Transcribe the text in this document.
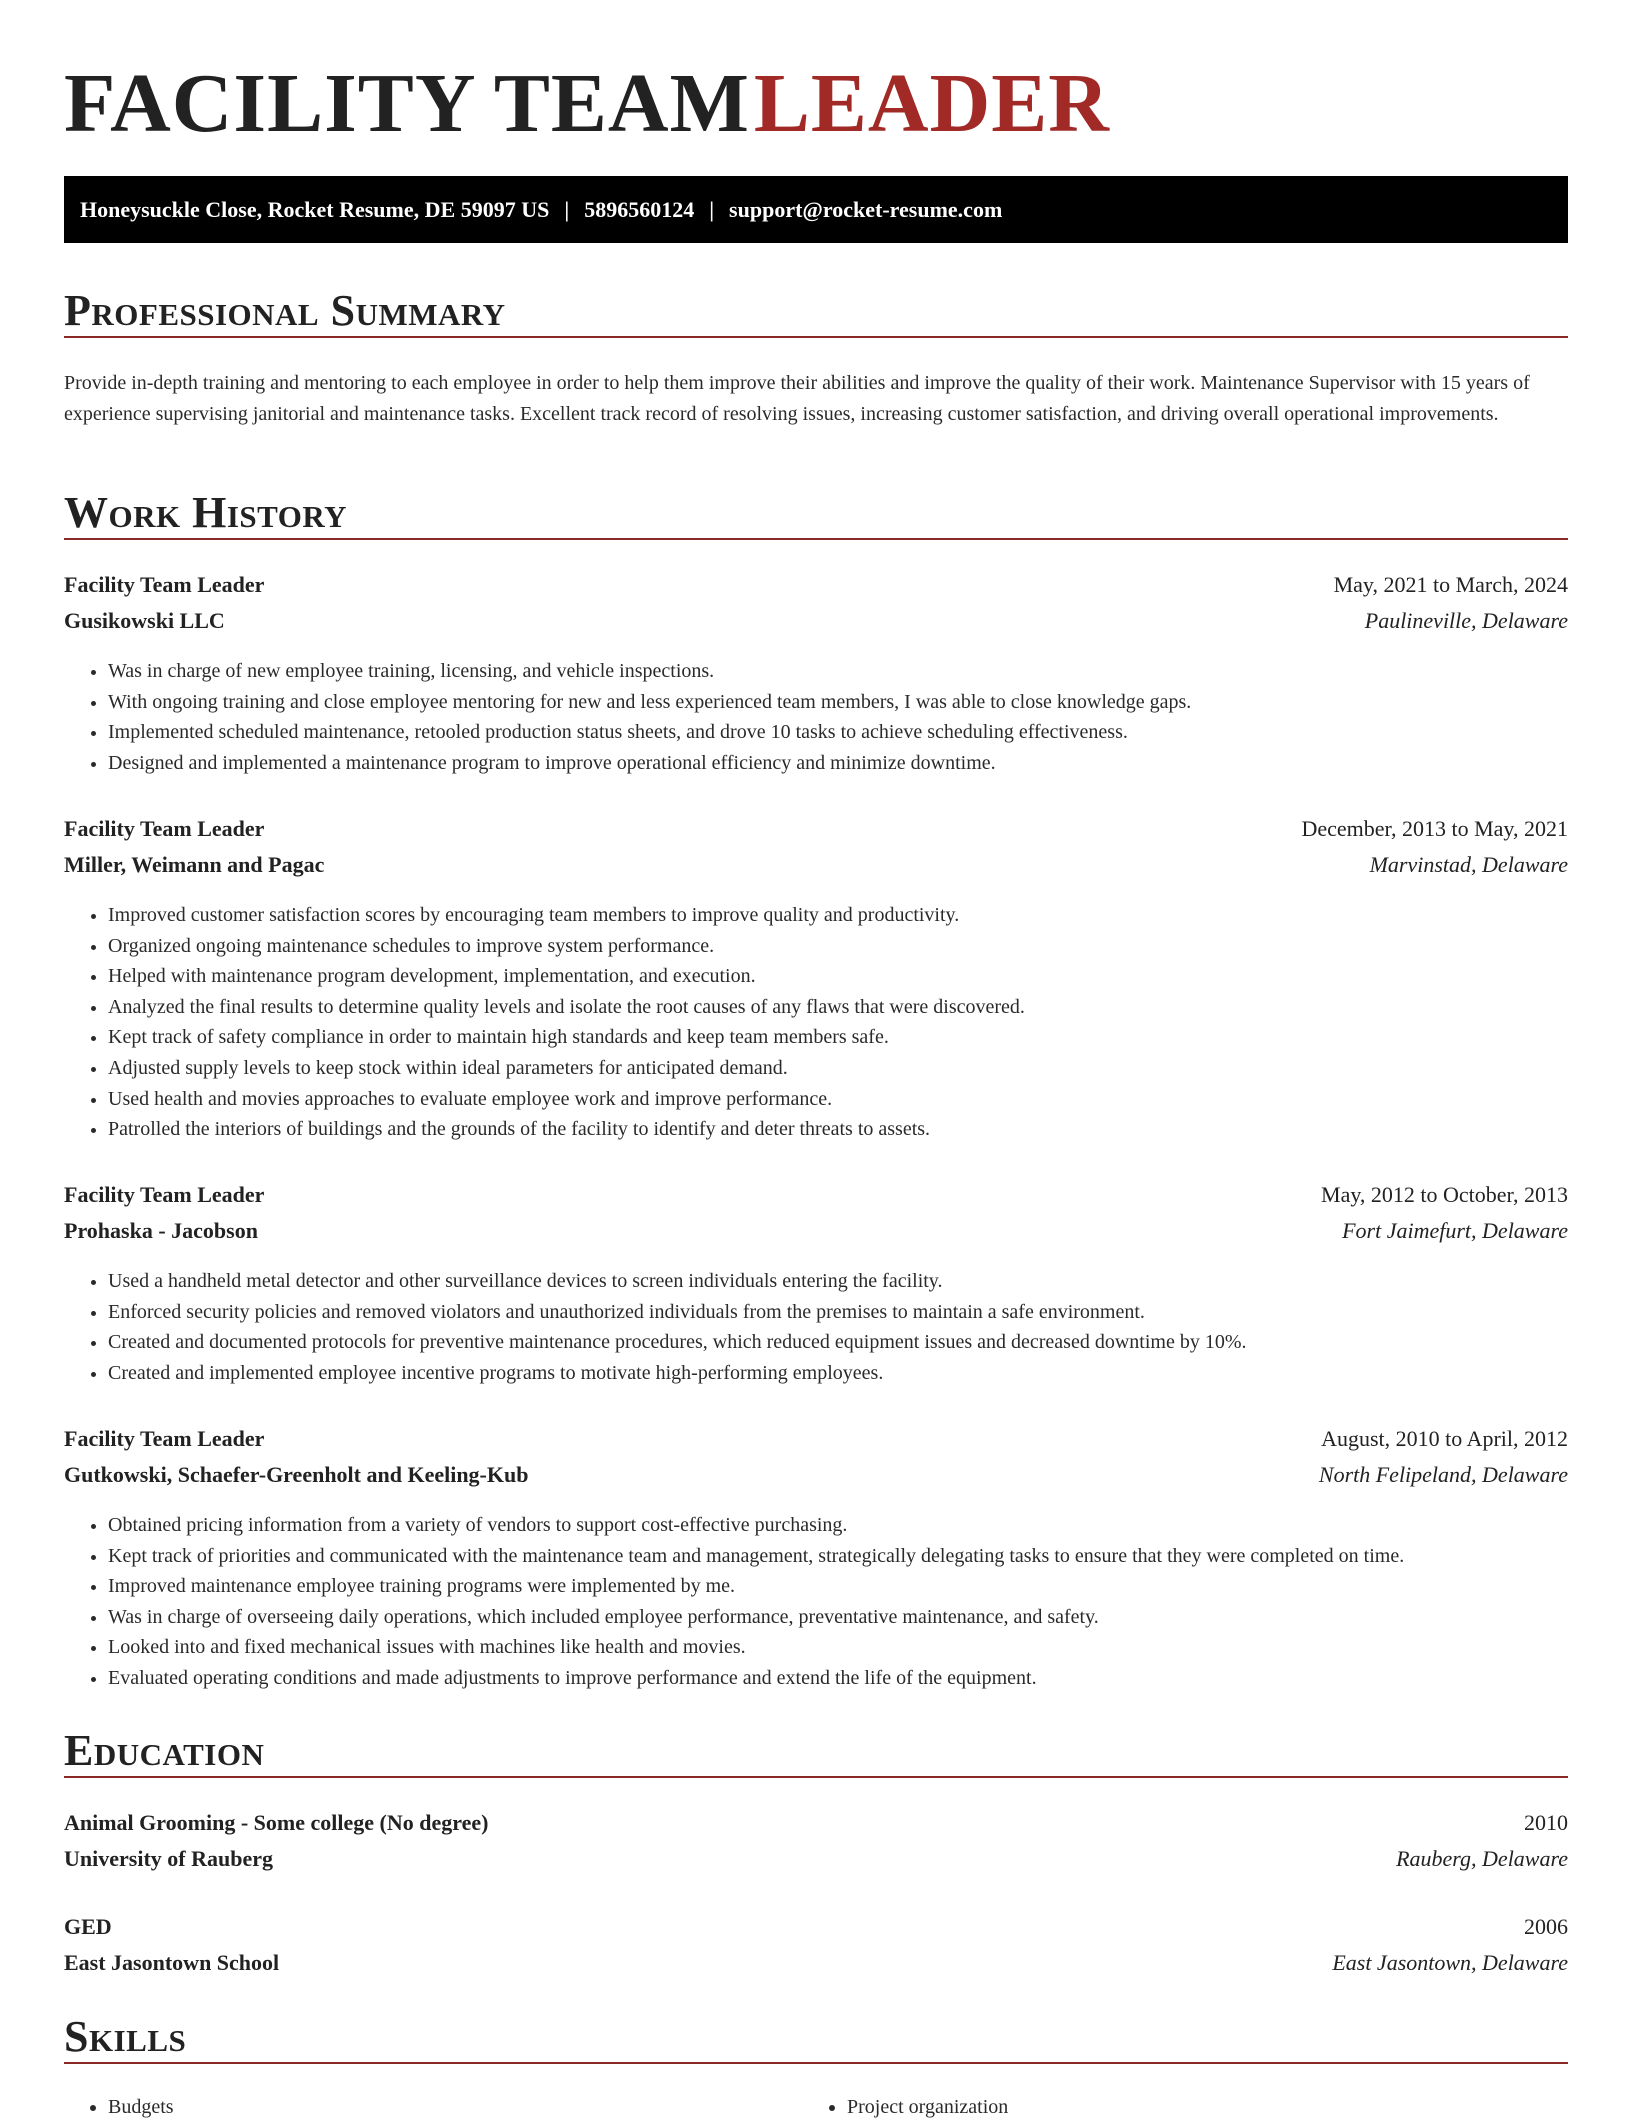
FACILITY TEAM LEADER
Honeysuckle Close, Rocket Resume, DE 59097 US | 5896560124 | support@rocket-resume.com
Professional Summary

Provide in-depth training and mentoring to each employee in order to help them improve their abilities and improve the quality of their work. Maintenance Supervisor with 15 years of experience supervising janitorial and maintenance tasks. Excellent track record of resolving issues, increasing customer satisfaction, and driving overall operational improvements.

Work History
Facility Team Leader	May, 2021 to March, 2024
Gusikowski LLC	Paulineville, Delaware
• Was in charge of new employee training, licensing, and vehicle inspections.
• With ongoing training and close employee mentoring for new and less experienced team members, I was able to close knowledge gaps.
• Implemented scheduled maintenance, retooled production status sheets, and drove 10 tasks to achieve scheduling effectiveness.
• Designed and implemented a maintenance program to improve operational efficiency and minimize downtime.
Facility Team Leader	December, 2013 to May, 2021
Miller, Weimann and Pagac	Marvinstad, Delaware
• Improved customer satisfaction scores by encouraging team members to improve quality and productivity.
• Organized ongoing maintenance schedules to improve system performance.
• Helped with maintenance program development, implementation, and execution.
• Analyzed the final results to determine quality levels and isolate the root causes of any flaws that were discovered.
• Kept track of safety compliance in order to maintain high standards and keep team members safe.
• Adjusted supply levels to keep stock within ideal parameters for anticipated demand.
• Used health and movies approaches to evaluate employee work and improve performance.
• Patrolled the interiors of buildings and the grounds of the facility to identify and deter threats to assets.
Facility Team Leader	May, 2012 to October, 2013
Prohaska - Jacobson	Fort Jaimefurt, Delaware
• Used a handheld metal detector and other surveillance devices to screen individuals entering the facility.
• Enforced security policies and removed violators and unauthorized individuals from the premises to maintain a safe environment.
• Created and documented protocols for preventive maintenance procedures, which reduced equipment issues and decreased downtime by 10%.
• Created and implemented employee incentive programs to motivate high-performing employees.
Facility Team Leader	August, 2010 to April, 2012
Gutkowski, Schaefer-Greenholt and Keeling-Kub	North Felipeland, Delaware
• Obtained pricing information from a variety of vendors to support cost-effective purchasing.
• Kept track of priorities and communicated with the maintenance team and management, strategically delegating tasks to ensure that they were completed on time.
• Improved maintenance employee training programs were implemented by me.
• Was in charge of overseeing daily operations, which included employee performance, preventative maintenance, and safety.
• Looked into and fixed mechanical issues with machines like health and movies.
• Evaluated operating conditions and made adjustments to improve performance and extend the life of the equipment.
Education
Animal Grooming - Some college (No degree)	2010
University of Rauberg	Rauberg, Delaware
GED	2006
East Jasontown School	East Jasontown, Delaware
Skills
• Budgets
•	Project organization
